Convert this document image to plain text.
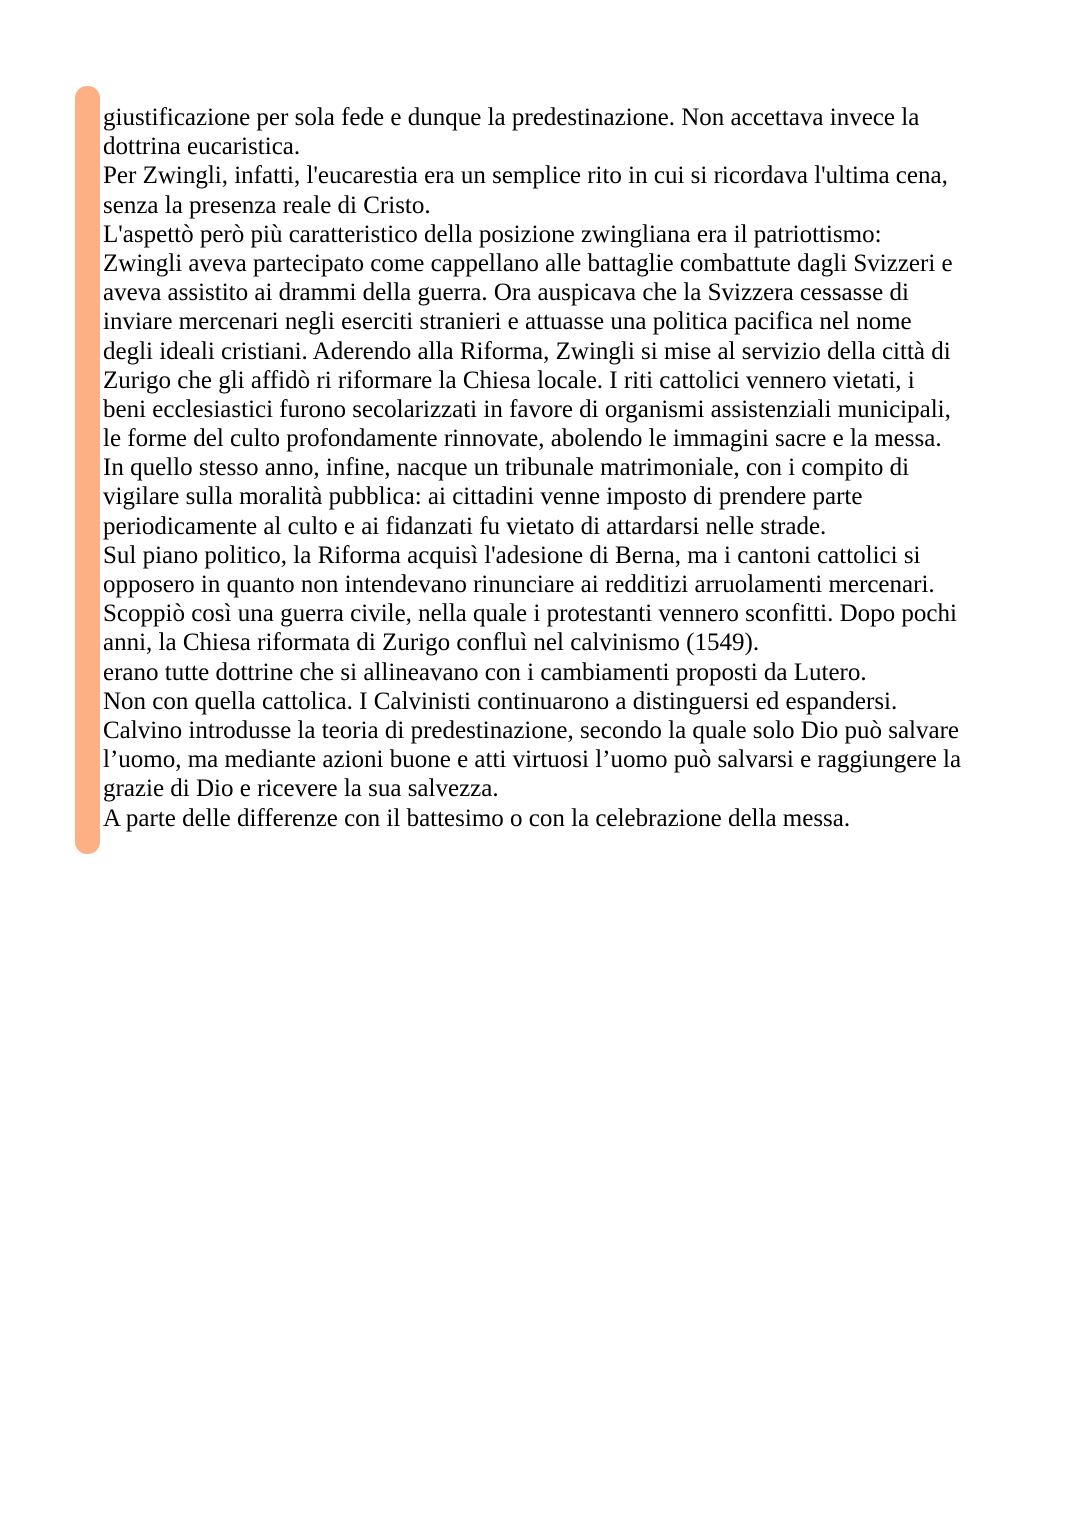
giustificazione per sola fede e dunque la predestinazione. Non accettava invece la
dottrina eucaristica.
Per Zwingli, infatti, l'eucarestia era un semplice rito in cui si ricordava l'ultima cena,
senza la presenza reale di Cristo.
L'aspettò però più caratteristico della posizione zwingliana era il patriottismo:
Zwingli aveva partecipato come cappellano alle battaglie combattute dagli Svizzeri e
aveva assistito ai drammi della guerra. Ora auspicava che la Svizzera cessasse di
inviare mercenari negli eserciti stranieri e attuasse una politica pacifica nel nome
degli ideali cristiani. Aderendo alla Riforma, Zwingli si mise al servizio della città di
Zurigo che gli affidò ri riformare la Chiesa locale. I riti cattolici vennero vietati, i
beni ecclesiastici furono secolarizzati in favore di organismi assistenziali municipali,
le forme del culto profondamente rinnovate, abolendo le immagini sacre e la messa.
In quello stesso anno, infine, nacque un tribunale matrimoniale, con i compito di
vigilare sulla moralità pubblica: ai cittadini venne imposto di prendere parte
periodicamente al culto e ai fidanzati fu vietato di attardarsi nelle strade.
Sul piano politico, la Riforma acquisì l'adesione di Berna, ma i cantoni cattolici si
opposero in quanto non intendevano rinunciare ai redditizi arruolamenti mercenari.
Scoppiò così una guerra civile, nella quale i protestanti vennero sconfitti. Dopo pochi
anni, la Chiesa riformata di Zurigo confluì nel calvinismo (1549).
erano tutte dottrine che si allineavano con i cambiamenti proposti da Lutero.
Non con quella cattolica. I Calvinisti continuarono a distinguersi ed espandersi.
Calvino introdusse la teoria di predestinazione, secondo la quale solo Dio può salvare
l’uomo, ma mediante azioni buone e atti virtuosi l’uomo può salvarsi e raggiungere la
grazie di Dio e ricevere la sua salvezza.
A parte delle differenze con il battesimo o con la celebrazione della messa.
